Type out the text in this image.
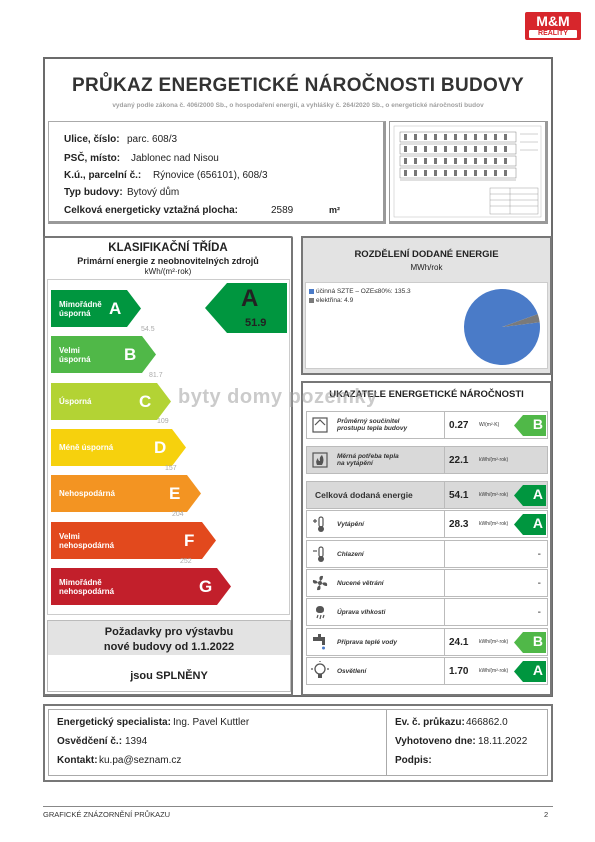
M&M
REALITY
PRŮKAZ ENERGETICKÉ NÁROČNOSTI BUDOVY
vydaný podle zákona č. 406/2000 Sb., o hospodaření energií, a vyhlášky č. 264/2020 Sb., o energetické náročnosti budov
Ulice, číslo: parc. 608/3
PSČ, místo: Jablonec nad Nisou
K.ú., parcelní č.: Rýnovice (656101), 608/3
Typ budovy: Bytový dům
Celková energeticky vztažná plocha:	2589	m²
KLASIFIKAČNÍ TŘÍDA
Primární energie z neobnovitelných zdrojů
kWh/(m²·rok)
Mimořádně
úsporná	A
Velmi
úsporná B
Úsporná	C
Méně úsporná D
Nehospodárná	E
Velmi
nehospodárná	F
Mimořádně
nehospodárná	G
54.5
81.7
109
157
204
252
A
51.9
Požadavky pro výstavbu
nové budovy od 1.1.2022
jsou SPLNĚNY
ROZDĚLENÍ DODANÉ ENERGIE
MWh/rok
účinná SZTE – OZE≤80%: 135.3
elektřina: 4.9
UKAZATELE ENERGETICKÉ NÁROČNOSTI
Průměrný součinitel
prostupu tepla budovy	0.27 W/(m²·K) B
Měrná potřeba tepla
na vytápění	22.1 kWh/(m²·rok)
Celková dodaná energie	54.1 kWh/(m²·rok) A
Vytápění	28.3 kWh/(m²·rok) A
Chlazení	-
Nucené větrání	-
Úprava vlhkosti	-
Příprava teplé vody	24.1 kWh/(m²·rok) B
Osvětlení	1.70 kWh/(m²·rok) A
byty domy pozemky
Energetický specialista: Ing. Pavel Kuttler
Osvědčení č.: 1394
Kontakt: ku.pa@seznam.cz
Ev. č. průkazu: 466862.0
Vyhotoveno dne: 18.11.2022
Podpis:
GRAFICKÉ ZNÁZORNĚNÍ PRŮKAZU	2
